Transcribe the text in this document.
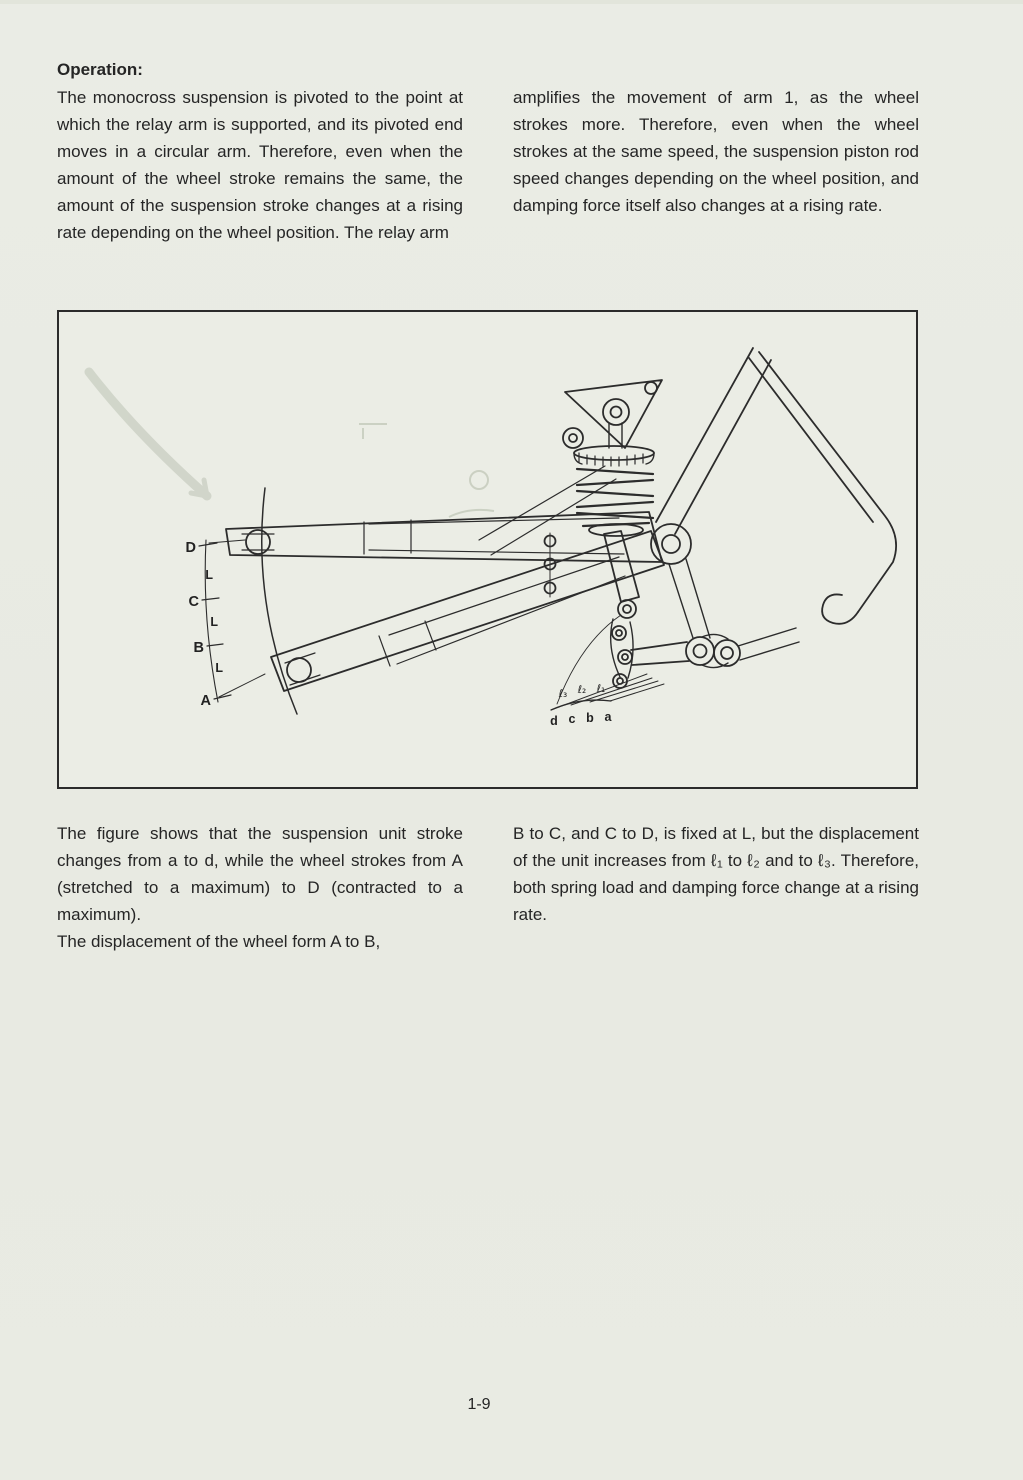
Operation:

The monocross suspension is pivoted to the point at which the relay arm is supported, and its pivoted end moves in a circular arm. Therefore, even when the amount of the wheel stroke remains the same, the amount of the suspension stroke changes at a rising rate depending on the wheel position. The relay arm

amplifies the movement of arm 1, as the wheel strokes more. Therefore, even when the wheel strokes at the same speed, the suspension piston rod speed changes depending on the wheel position, and damping force itself also changes at a rising rate.

D
L
C
L
B
L
A	ℓ₃ ℓ₂ ℓ₁
d c b a

The figure shows that the suspension unit stroke changes from a to d, while the wheel strokes from A (stretched to a maximum) to D (contracted to a maximum).

The displacement of the wheel form A to B,

B to C, and C to D, is fixed at L, but the displacement of the unit increases from ℓ₁ to ℓ₂ and to ℓ₃. Therefore, both spring load and damping force change at a rising rate.

1-9
